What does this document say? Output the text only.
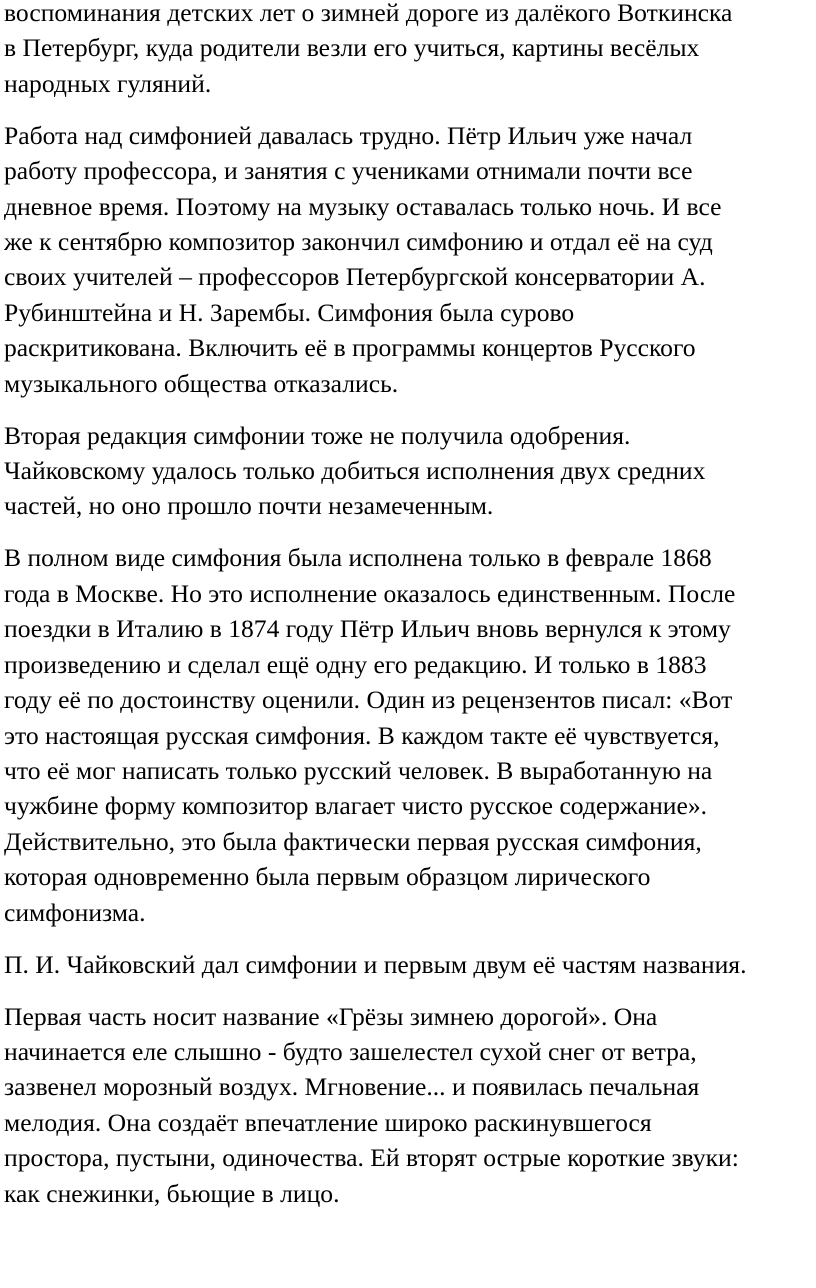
воспоминания детских лет о зимней дороге из далёкого Воткинска
в Петербург, куда родители везли его учиться, картины весёлых
народных гуляний.

Работа над симфонией давалась трудно. Пётр Ильич уже начал
работу профессора, и занятия с учениками отнимали почти все
дневное время. Поэтому на музыку оставалась только ночь. И все
же к сентябрю композитор закончил симфонию и отдал её на суд
своих учителей – профессоров Петербургской консерватории А.
Рубинштейна и Н. Зарембы. Симфония была сурово
раскритикована. Включить её в программы концертов Русского
музыкального общества отказались.

Вторая редакция симфонии тоже не получила одобрения.
Чайковскому удалось только добиться исполнения двух средних
частей, но оно прошло почти незамеченным.

В полном виде симфония была исполнена только в феврале 1868
года в Москве. Но это исполнение оказалось единственным. После
поездки в Италию в 1874 году Пётр Ильич вновь вернулся к этому
произведению и сделал ещё одну его редакцию. И только в 1883
году её по достоинству оценили. Один из рецензентов писал: «Вот
это настоящая русская симфония. В каждом такте её чувствуется,
что её мог написать только русский человек. В выработанную на
чужбине форму композитор влагает чисто русское содержание».
Действительно, это была фактически первая русская симфония,
которая одновременно была первым образцом лирического
симфонизма.

П. И. Чайковский дал симфонии и первым двум её частям названия.

Первая часть носит название «Грёзы зимнею дорогой». Она
начинается еле слышно - будто зашелестел сухой снег от ветра,
зазвенел морозный воздух. Мгновение... и появилась печальная
мелодия. Она создаёт впечатление широко раскинувшегося
простора, пустыни, одиночества. Ей вторят острые короткие звуки:
как снежинки, бьющие в лицо.
